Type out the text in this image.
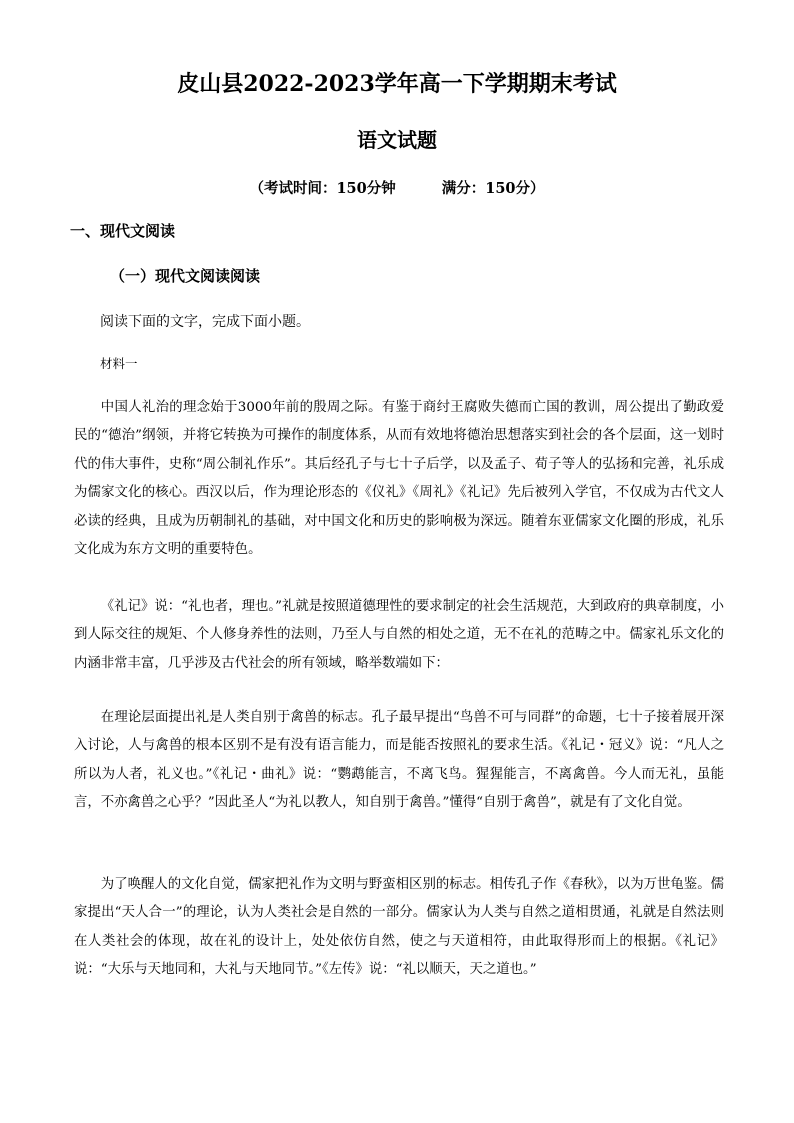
皮山县2022-2023学年高一下学期期末考试
语文试题
（考试时间：150分钟	满分：150分）
一、现代文阅读
（一）现代文阅读阅读
阅读下面的文字，完成下面小题。
材料一

中国人礼治的理念始于3000年前的殷周之际。有鉴于商纣王腐败失德而亡国的教训，周公提出了勤政爱民的“德治”纲领，并将它转换为可操作的制度体系，从而有效地将德治思想落实到社会的各个层面，这一划时代的伟大事件，史称“周公制礼作乐”。其后经孔子与七十子后学，以及孟子、荀子等人的弘扬和完善，礼乐成为儒家文化的核心。西汉以后，作为理论形态的《仪礼》《周礼》《礼记》先后被列入学官，不仅成为古代文人必读的经典，且成为历朝制礼的基础，对中国文化和历史的影响极为深远。随着东亚儒家文化圈的形成，礼乐文化成为东方文明的重要特色。

《礼记》说：“礼也者，理也。”礼就是按照道德理性的要求制定的社会生活规范，大到政府的典章制度，小到人际交往的规矩、个人修身养性的法则，乃至人与自然的相处之道，无不在礼的范畴之中。儒家礼乐文化的内涵非常丰富，几乎涉及古代社会的所有领域，略举数端如下：

在理论层面提出礼是人类自别于禽兽的标志。孔子最早提出“鸟兽不可与同群”的命题，七十子接着展开深入讨论，人与禽兽的根本区别不是有没有语言能力，而是能否按照礼的要求生活。《礼记・冠义》说：“凡人之所以为人者，礼义也。”《礼记・曲礼》说：“鹦鹉能言，不离飞鸟。猩猩能言，不离禽兽。今人而无礼，虽能言，不亦禽兽之心乎？”因此圣人“为礼以教人，知自别于禽兽。”懂得“自别于禽兽”，就是有了文化自觉。

为了唤醒人的文化自觉，儒家把礼作为文明与野蛮相区别的标志。相传孔子作《春秋》，以为万世龟鉴。儒家提出“天人合一”的理论，认为人类社会是自然的一部分。儒家认为人类与自然之道相贯通，礼就是自然法则在人类社会的体现，故在礼的设计上，处处依仿自然，使之与天道相符，由此取得形而上的根据。《礼记》说：“大乐与天地同和，大礼与天地同节。”《左传》说：“礼以顺天，天之道也。”
